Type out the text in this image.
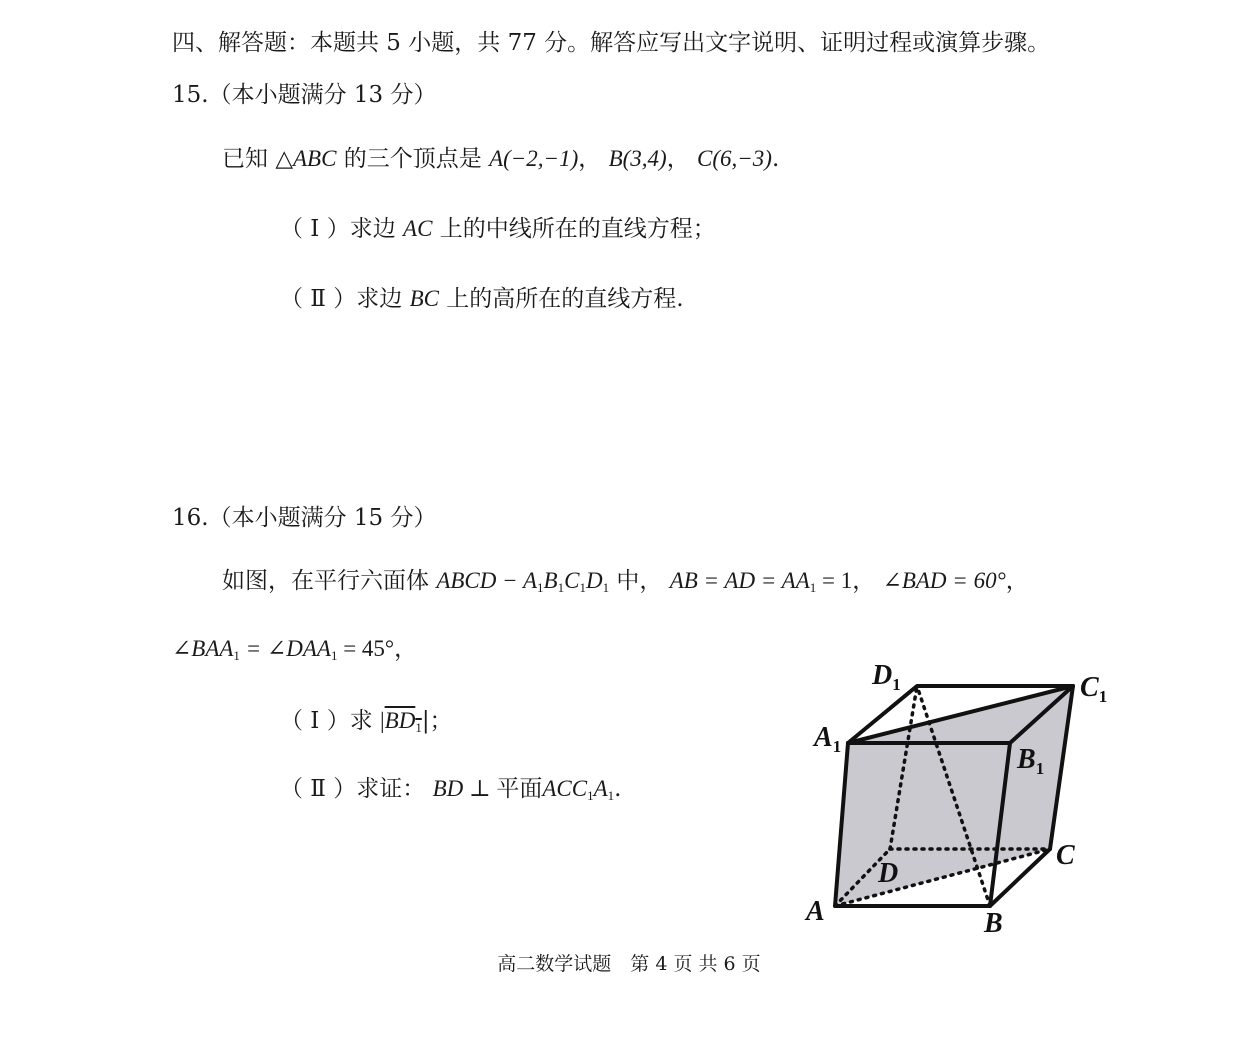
四、解答题：本题共 5 小题，共 77 分。解答应写出文字说明、证明过程或演算步骤。
15.（本小题满分 13 分）
已知 △ABC 的三个顶点是 A(−2,−1)， B(3,4)， C(6,−3).
（ Ⅰ ）求边 AC 上的中线所在的直线方程；
（ Ⅱ ）求边 BC 上的高所在的直线方程.
16.（本小题满分 15 分）
如图，在平行六面体 ABCD − $A_1B_1C_1D_1$ 中， AB = AD = $AA_1 = 1$， ∠BAD = 60°，
$\angle BAA_1$ = $\angle DAA_1 = 45^\circ$，
（ Ⅰ ）求 $|BD_1|$；
（ Ⅱ ）求证： BD ⊥ 平面$ACC_1A_1$.
$D_1$	$C_1$
$A_1$	$B_1$
D
C
A	B
高二数学试题　第 4 页 共 6 页
